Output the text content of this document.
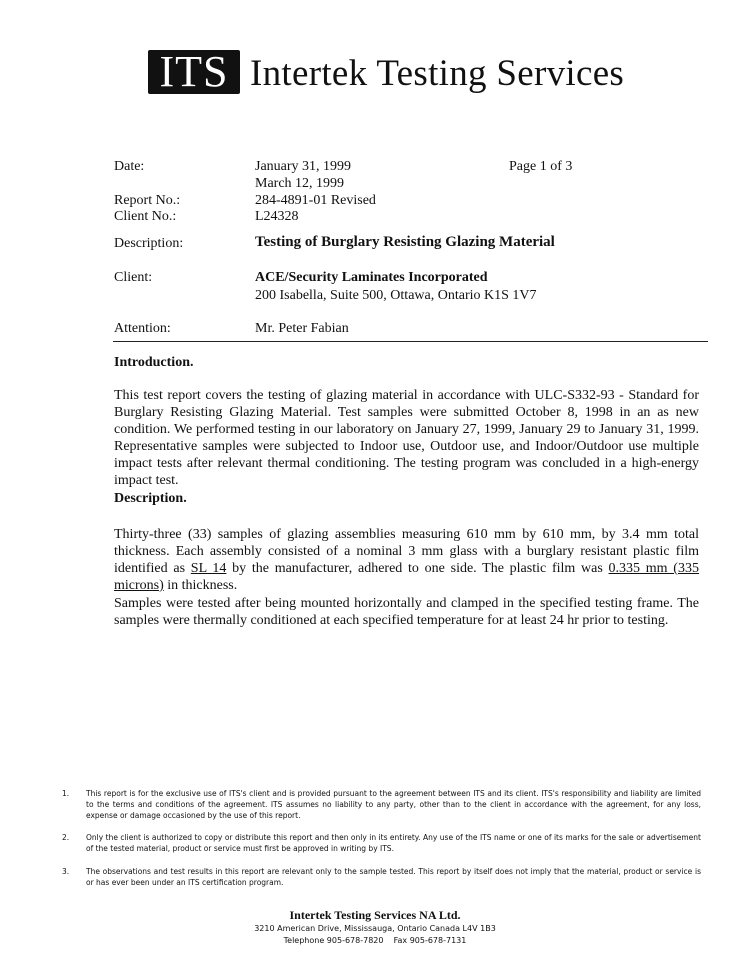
ITS Intertek Testing Services
Date:	January 31, 1999	Page 1 of 3
March 12, 1999
Report No.:	284-4891-01 Revised
Client No.:	L24328
Description:	Testing of Burglary Resisting Glazing Material
Client:	ACE/Security Laminates Incorporated
200 Isabella, Suite 500, Ottawa, Ontario K1S 1V7
Attention:	Mr. Peter Fabian
Introduction.
This test report covers the testing of glazing material in accordance with ULC-S332-93 - Standard for Burglary Resisting Glazing Material. Test samples were submitted October 8, 1998 in an as new condition. We performed testing in our laboratory on January 27, 1999, January 29 to January 31, 1999. Representative samples were subjected to Indoor use, Outdoor use, and Indoor/Outdoor use multiple impact tests after relevant thermal conditioning. The testing program was concluded in a high-energy impact test.
Description.
Thirty-three (33) samples of glazing assemblies measuring 610 mm by 610 mm, by 3.4 mm total thickness. Each assembly consisted of a nominal 3 mm glass with a burglary resistant plastic film identified as SL 14 by the manufacturer, adhered to one side. The plastic film was 0.335 mm (335 microns) in thickness.
Samples were tested after being mounted horizontally and clamped in the specified testing frame. The samples were thermally conditioned at each specified temperature for at least 24 hr prior to testing.
1. This report is for the exclusive use of ITS's client and is provided pursuant to the agreement between ITS and its client. ITS's responsibility and liability are limited to the terms and conditions of the agreement. ITS assumes no liability to any party, other than to the client in accordance with the agreement, for any loss, expense or damage occasioned by the use of this report.
2. Only the client is authorized to copy or distribute this report and then only in its entirety. Any use of the ITS name or one of its marks for the sale or advertisement of the tested material, product or service must first be approved in writing by ITS.
3. The observations and test results in this report are relevant only to the sample tested. This report by itself does not imply that the material, product or service is or has ever been under an ITS certification program.
Intertek Testing Services NA Ltd.
3210 American Drive, Mississauga, Ontario Canada L4V 1B3
Telephone 905-678-7820    Fax 905-678-7131
